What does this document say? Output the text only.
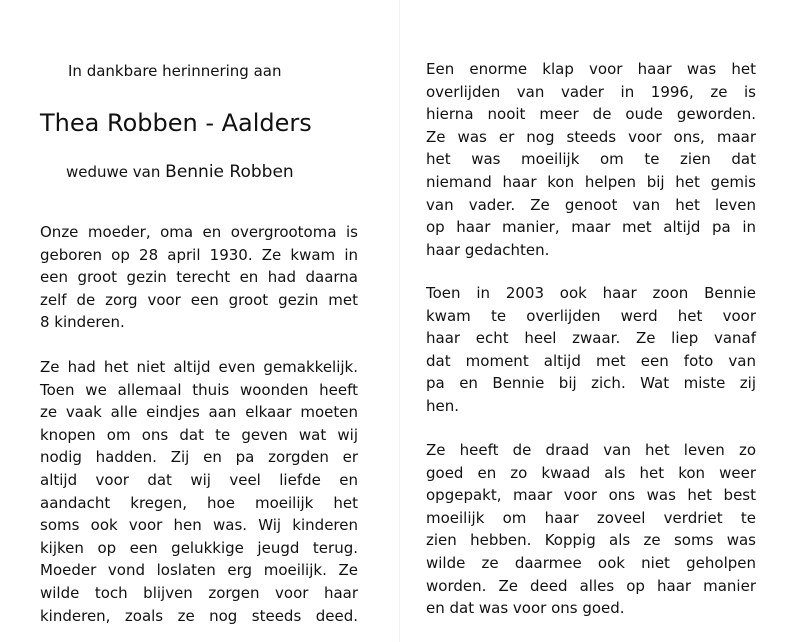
In dankbare herinnering aan
Thea Robben - Aalders
weduwe van Bennie Robben
Onze moeder, oma en overgrootoma is
geboren op 28 april 1930. Ze kwam in
een groot gezin terecht en had daarna
zelf de zorg voor een groot gezin met
8 kinderen.
Ze had het niet altijd even gemakkelijk.
Toen we allemaal thuis woonden heeft
ze vaak alle eindjes aan elkaar moeten
knopen om ons dat te geven wat wij
nodig hadden. Zij en pa zorgden er
altijd voor dat wij veel liefde en
aandacht kregen, hoe moeilijk het
soms ook voor hen was. Wij kinderen
kijken op een gelukkige jeugd terug.
Moeder vond loslaten erg moeilijk. Ze
wilde toch blijven zorgen voor haar
kinderen, zoals ze nog steeds deed.
Een enorme klap voor haar was het
overlijden van vader in 1996, ze is
hierna nooit meer de oude geworden.
Ze was er nog steeds voor ons, maar
het was moeilijk om te zien dat
niemand haar kon helpen bij het gemis
van vader. Ze genoot van het leven
op haar manier, maar met altijd pa in
haar gedachten.
Toen in 2003 ook haar zoon Bennie
kwam te overlijden werd het voor
haar echt heel zwaar. Ze liep vanaf
dat moment altijd met een foto van
pa en Bennie bij zich. Wat miste zij
hen.
Ze heeft de draad van het leven zo
goed en zo kwaad als het kon weer
opgepakt, maar voor ons was het best
moeilijk om haar zoveel verdriet te
zien hebben. Koppig als ze soms was
wilde ze daarmee ook niet geholpen
worden. Ze deed alles op haar manier
en dat was voor ons goed.
